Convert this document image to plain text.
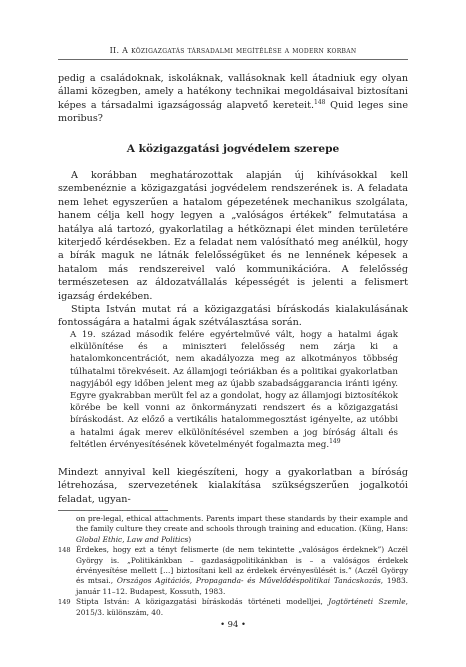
II. A közigazgatás társadalmi megítélése a modern korban

pedig a családoknak, iskoláknak, vallásoknak kell átadniuk egy olyan állami közegben, amely a hatékony technikai megoldásaival biztosítani képes a társadalmi igazságosság alapvető kereteit.$^{148}$ Quid leges sine moribus?

A közigazgatási jogvédelem szerepe

A korábban meghatározottak alapján új kihívásokkal kell szembenéznie a közigazgatási jogvédelem rendszerének is. A feladata nem lehet egyszerűen a hatalom gépezetének mechanikus szolgálata, hanem célja kell hogy legyen a „valóságos értékek” felmutatása a hatálya alá tartozó, gyakorlatilag a hétköznapi élet minden területére kiterjedő kérdésekben. Ez a feladat nem valósítható meg anélkül, hogy a bírák maguk ne látnák felelősségüket és ne lennének képesek a hatalom más rendszereivel való kommunikációra. A felelősség természetesen az áldozatvállalás képességét is jelenti a felismert igazság érdekében.

Stipta István mutat rá a közigazgatási bíráskodás kialakulásának fontosságára a hatalmi ágak szétválasztása során.

A 19. század második felére egyértelművé vált, hogy a hatalmi ágak elkülönítése és a miniszteri felelősség nem zárja ki a hatalomkoncentrációt, nem akadályozza meg az alkotmányos többség túlhatalmi törekvéseit. Az államjogi teóriákban és a politikai gyakorlatban nagyjából egy időben jelent meg az újabb szabadsággarancia iránti igény. Egyre gyakrabban merült fel az a gondolat, hogy az államjogi biztosítékok körébe be kell vonni az önkormányzati rendszert és a közigazgatási bíráskodást. Az előző a vertikális hatalommegosztást igényelte, az utóbbi a hatalmi ágak merev elkülönítésével szemben a jog bíróság általi és feltétlen érvényesítésének követelményét fogalmazta meg.$^{149}$

Mindezt annyival kell kiegészíteni, hogy a gyakorlatban a bíróság létrehozása, szervezetének kialakítása szükségszerűen jogalkotói feladat, ugyan-

on pre-legal, ethical attachments. Parents impart these standards by their example and the family culture they create and schools through training and education. (Küng, Hans: Global Ethic, Law and Politics)
148 Érdekes, hogy ezt a tényt felismerte (de nem tekintette „valóságos érdeknek”) Aczél György is. „Politikánkban – gazdaságpolitikánkban is – a valóságos érdekek érvényesítése mellett […] biztosítani kell az érdekek érvényesülését is.” (Aczél György és mtsai., Országos Agitációs, Propaganda- és Művelődéspolitikai Tanácskozás, 1983. január 11–12. Budapest, Kossuth, 1983.
149 Stipta István: A közigazgatási bíráskodás történeti modelljei, Jogtörténeti Szemle, 2015/3. különszám, 40.
• 94 •
